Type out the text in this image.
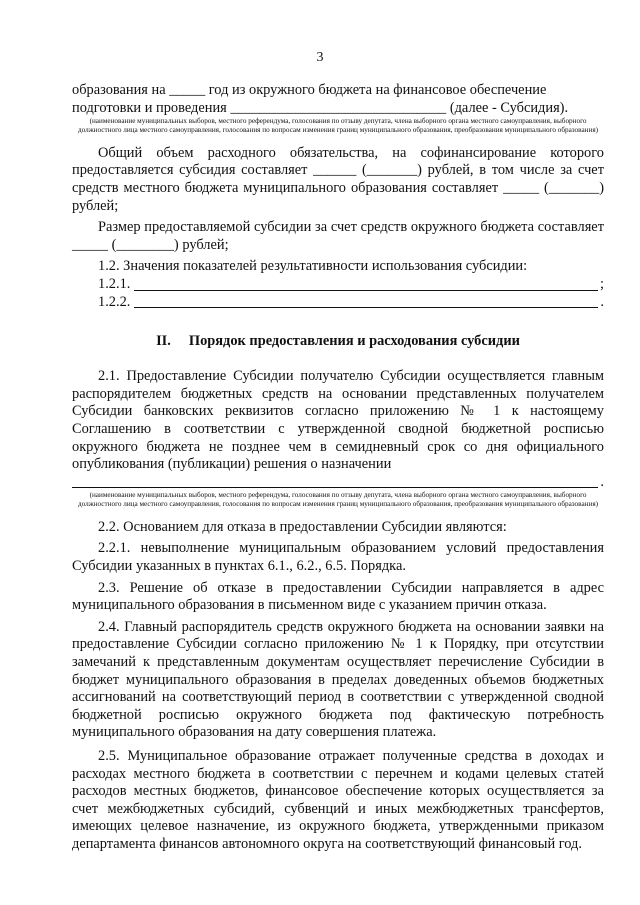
3

образования на _____ год из окружного бюджета на финансовое обеспечение

подготовки и проведения ______________________________ (далее - Субсидия).

(наименование муниципальных выборов, местного референдума, голосования по отзыву депутата, члена выборного органа местного самоуправления, выборного должностного лица местного самоуправления, голосования по вопросам изменения границ муниципального образования, преобразования муниципального образования)

Общий объем расходного обязательства, на софинансирование которого предоставляется субсидия составляет ______ (_______) рублей, в том числе за счет средств местного бюджета муниципального образования составляет _____ (_______) рублей;

Размер предоставляемой субсидии за счет средств окружного бюджета составляет _____ (________) рублей;

1.2. Значения показателей результативности использования субсидии:

1.2.1.	;
1.2.2.	.
II. Порядок предоставления и расходования субсидии

2.1. Предоставление Субсидии получателю Субсидии осуществляется главным распорядителем бюджетных средств на основании представленных получателем Субсидии банковских реквизитов согласно приложению № 1 к настоящему Соглашению в соответствии с утвержденной сводной бюджетной росписью окружного бюджета не позднее чем в семидневный срок со дня официального опубликования (публикации) решения о назначении

.

(наименование муниципальных выборов, местного референдума, голосования по отзыву депутата, члена выборного органа местного самоуправления, выборного должностного лица местного самоуправления, голосования по вопросам изменения границ муниципального образования, преобразования муниципального образования)

2.2. Основанием для отказа в предоставлении Субсидии являются:

2.2.1. невыполнение муниципальным образованием условий предоставления Субсидии указанных в пунктах 6.1., 6.2., 6.5. Порядка.

2.3. Решение об отказе в предоставлении Субсидии направляется в адрес муниципального образования в письменном виде с указанием причин отказа.

2.4. Главный распорядитель средств окружного бюджета на основании заявки на предоставление Субсидии согласно приложению № 1 к Порядку, при отсутствии замечаний к представленным документам осуществляет перечисление Субсидии в бюджет муниципального образования в пределах доведенных объемов бюджетных ассигнований на соответствующий период в соответствии с утвержденной сводной бюджетной росписью окружного бюджета под фактическую потребность муниципального образования на дату совершения платежа.

2.5. Муниципальное образование отражает полученные средства в доходах и расходах местного бюджета в соответствии с перечнем и кодами целевых статей расходов местных бюджетов, финансовое обеспечение которых осуществляется за счет межбюджетных субсидий, субвенций и иных межбюджетных трансфертов, имеющих целевое назначение, из окружного бюджета, утвержденными приказом департамента финансов автономного округа на соответствующий финансовый год.
